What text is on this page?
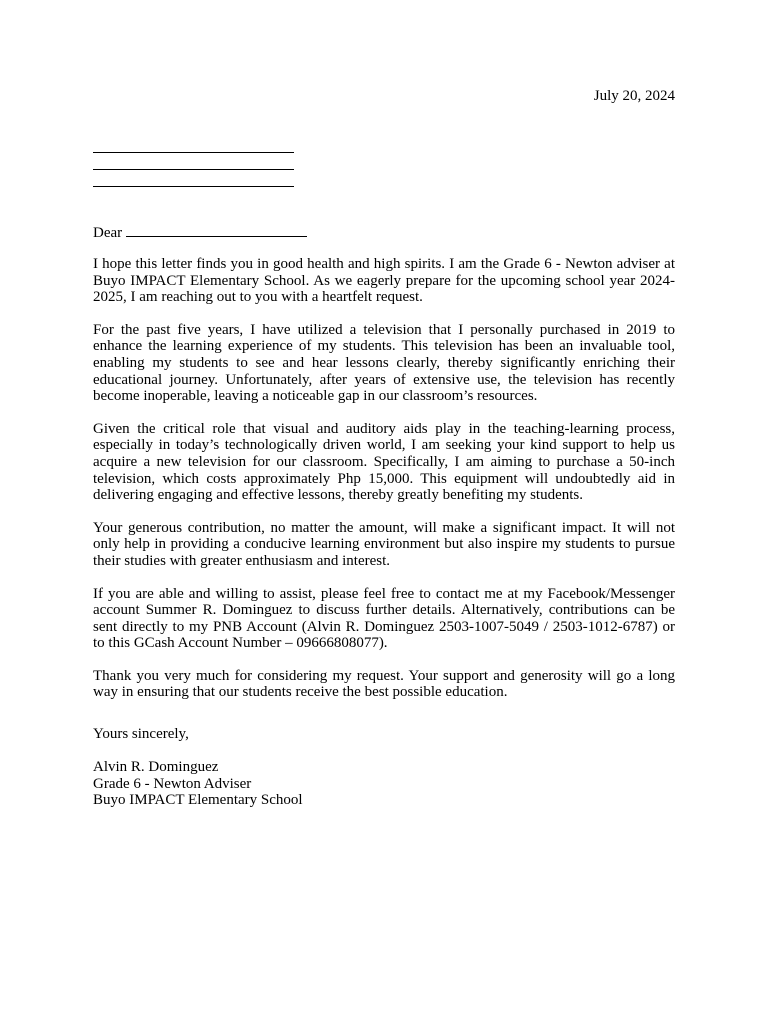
July 20, 2024
Dear

I hope this letter finds you in good health and high spirits. I am the Grade 6 - Newton adviser at Buyo IMPACT Elementary School. As we eagerly prepare for the upcoming school year 2024-2025, I am reaching out to you with a heartfelt request.

For the past five years, I have utilized a television that I personally purchased in 2019 to enhance the learning experience of my students. This television has been an invaluable tool, enabling my students to see and hear lessons clearly, thereby significantly enriching their educational journey. Unfortunately, after years of extensive use, the television has recently become inoperable, leaving a noticeable gap in our classroom’s resources.

Given the critical role that visual and auditory aids play in the teaching-learning process, especially in today’s technologically driven world, I am seeking your kind support to help us acquire a new television for our classroom. Specifically, I am aiming to purchase a 50-inch television, which costs approximately Php 15,000. This equipment will undoubtedly aid in delivering engaging and effective lessons, thereby greatly benefiting my students.

Your generous contribution, no matter the amount, will make a significant impact. It will not only help in providing a conducive learning environment but also inspire my students to pursue their studies with greater enthusiasm and interest.

If you are able and willing to assist, please feel free to contact me at my Facebook/Messenger account Summer R. Dominguez to discuss further details. Alternatively, contributions can be sent directly to my PNB Account (Alvin R. Dominguez 2503-1007-5049 / 2503-1012-6787) or to this GCash Account Number – 09666808077).

Thank you very much for considering my request. Your support and generosity will go a long way in ensuring that our students receive the best possible education.

Yours sincerely,
Alvin R. Dominguez
Grade 6 - Newton Adviser
Buyo IMPACT Elementary School
